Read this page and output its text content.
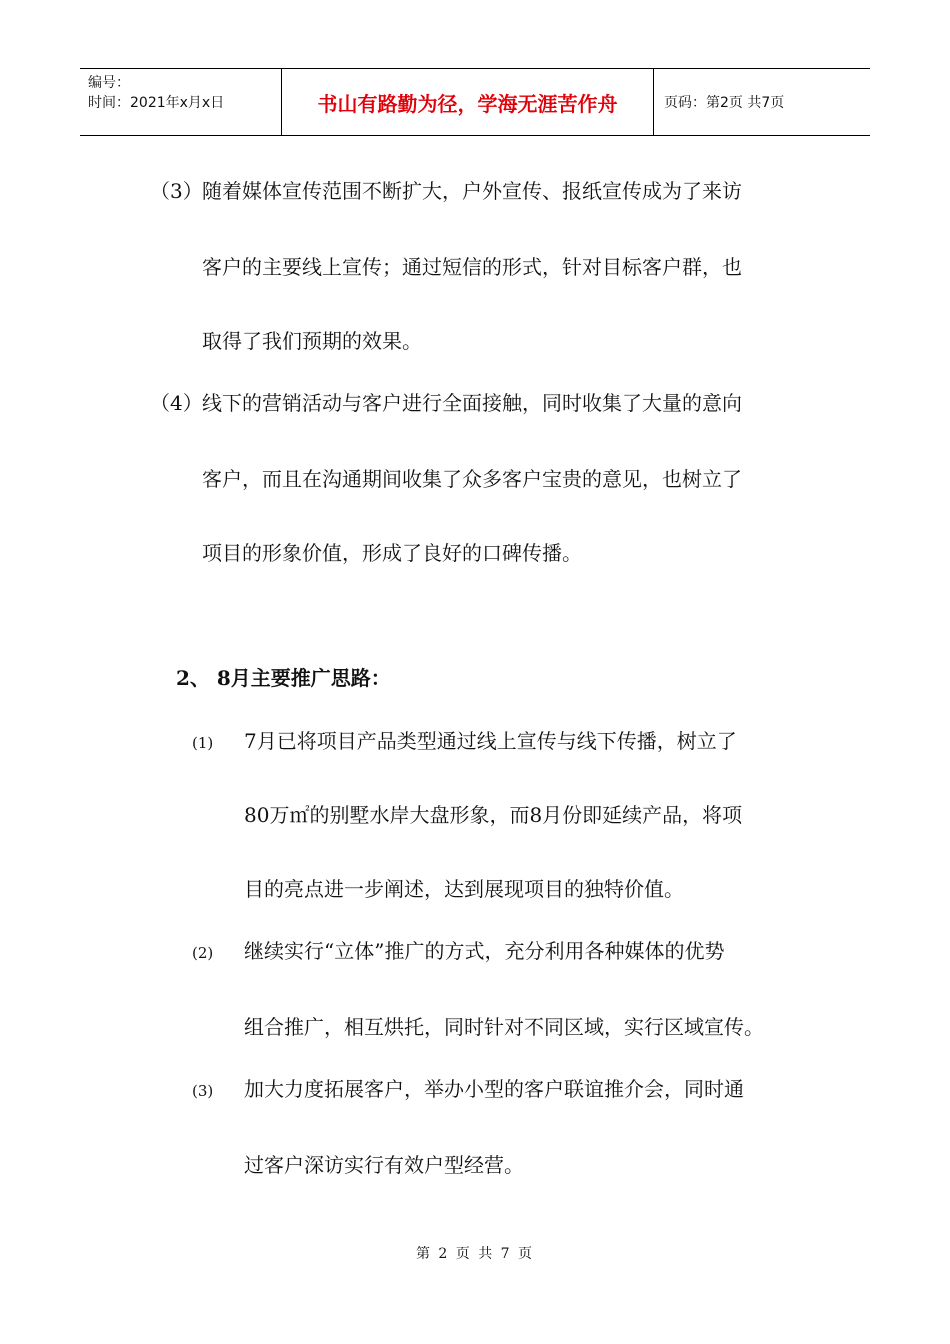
编号：
时间：2021年x月x日	书山有路勤为径，学海无涯苦作舟	页码：第2页 共7页
（3） 随着媒体宣传范围不断扩大，户外宣传、报纸宣传成为了来访
客户的主要线上宣传；通过短信的形式，针对目标客户群，也
取得了我们预期的效果。
（4） 线下的营销活动与客户进行全面接触，同时收集了大量的意向
客户，而且在沟通期间收集了众多客户宝贵的意见，也树立了
项目的形象价值，形成了良好的口碑传播。
2、 8月主要推广思路：
(1) 7月已将项目产品类型通过线上宣传与线下传播，树立了
80万㎡的别墅水岸大盘形象，而8月份即延续产品，将项
目的亮点进一步阐述，达到展现项目的独特价值。
(2) 继续实行“立体”推广的方式，充分利用各种媒体的优势
组合推广，相互烘托，同时针对不同区域，实行区域宣传。
(3) 加大力度拓展客户，举办小型的客户联谊推介会，同时通
过客户深访实行有效户型经营。
第 2 页 共 7 页
